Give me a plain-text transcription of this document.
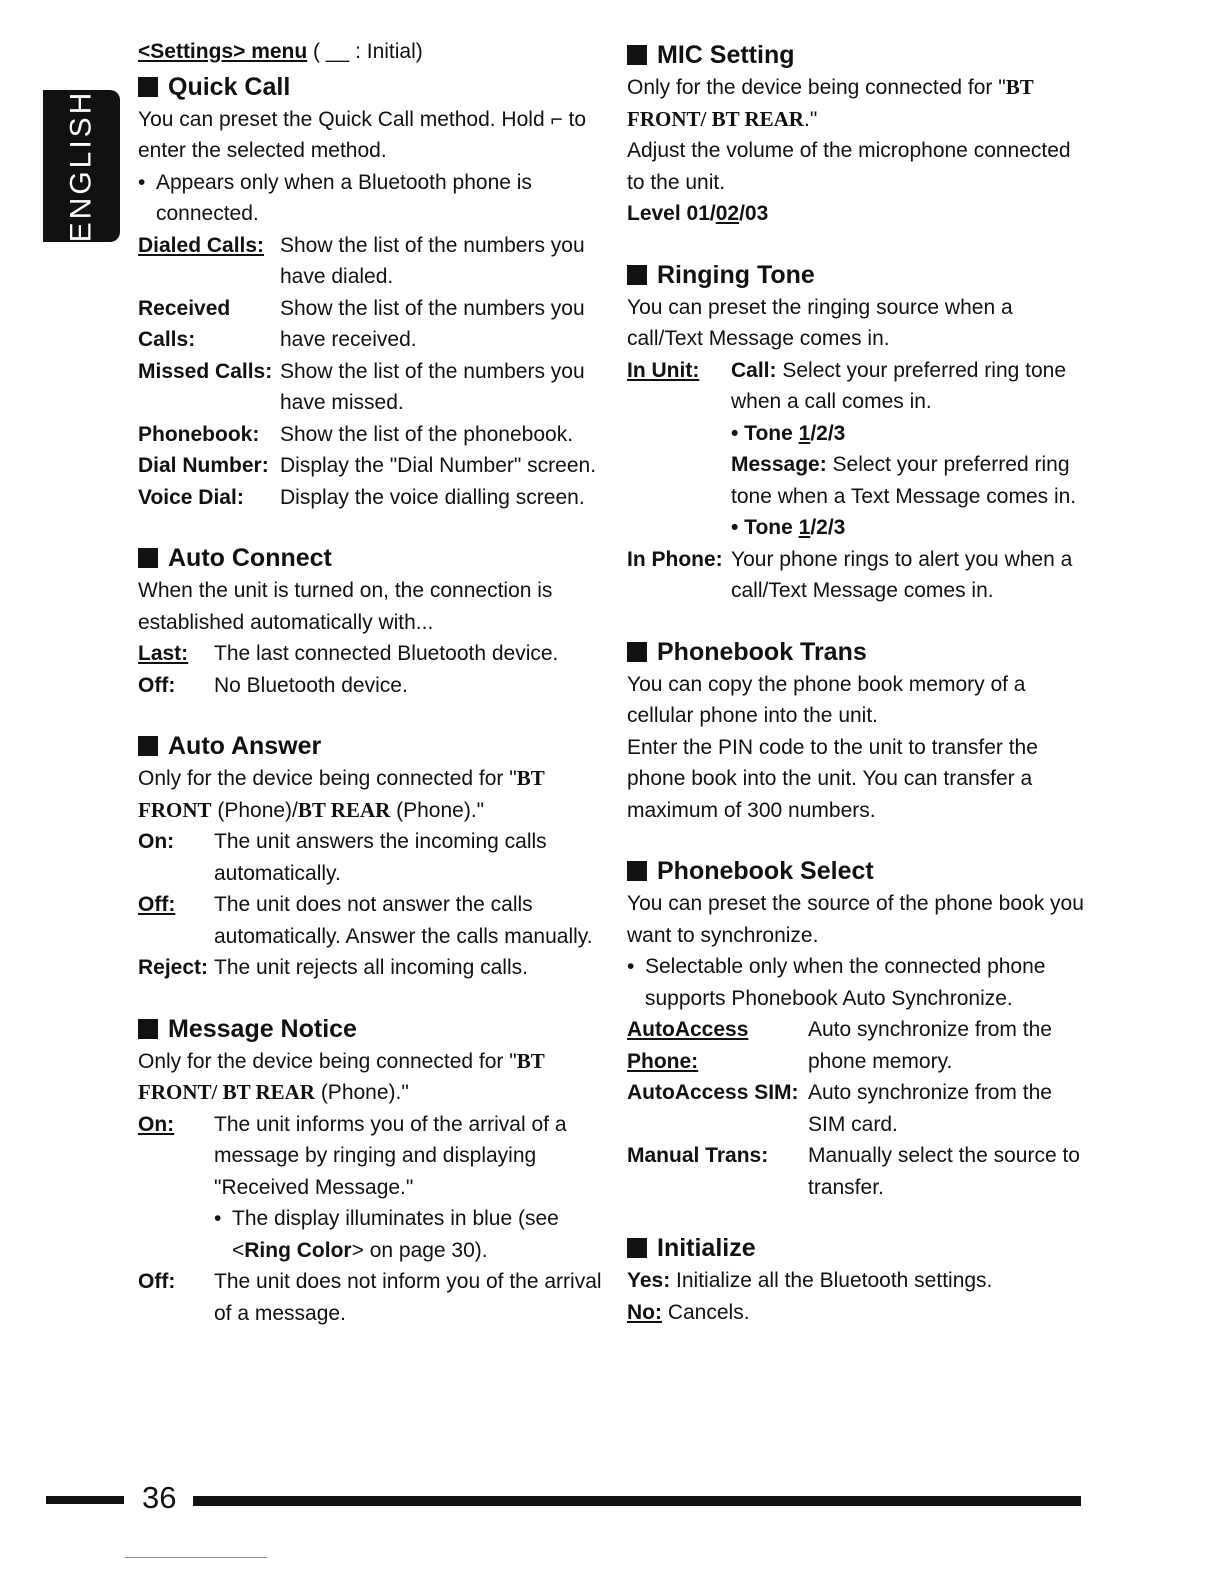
ENGLISH
<Settings> menu ( __ : Initial)
Quick Call

You can preset the Quick Call method. Hold ⌐ to enter the selected method.

• Appears only when a Bluetooth phone is connected.
Dialed Calls: Show the list of the numbers you have dialed.
Received Calls:
Show the list of the numbers you have received.
Missed Calls: Show the list of the numbers you have missed.
Phonebook: Show the list of the phonebook.
Dial Number: Display the "Dial Number" screen.
Voice Dial:	Display the voice dialling screen.
Auto Connect

When the unit is turned on, the connection is established automatically with...

Last:	The last connected Bluetooth device.
Off:	No Bluetooth device.
Auto Answer

Only for the device being connected for "BT FRONT (Phone)/BT REAR (Phone)."

On:	The unit answers the incoming calls automatically.
Off:	The unit does not answer the calls automatically. Answer the calls manually.
Reject: The unit rejects all incoming calls.
Message Notice

Only for the device being connected for "BT FRONT/ BT REAR (Phone)."

On:	The unit informs you of the arrival of a message by ringing and displaying "Received Message."
• The display illuminates in blue (see <Ring Color> on page 30).
Off:	The unit does not inform you of the arrival of a message.
MIC Setting

Only for the device being connected for "BT FRONT/ BT REAR."

Adjust the volume of the microphone connected to the unit.

Level 01/02/03

Ringing Tone

You can preset the ringing source when a call/Text Message comes in.

In Unit:	Call: Select your preferred ring tone when a call comes in.
• Tone 1/2/3
Message: Select your preferred ring tone when a Text Message comes in.
• Tone 1/2/3
In Phone: Your phone rings to alert you when a call/Text Message comes in.
Phonebook Trans

You can copy the phone book memory of a cellular phone into the unit.

Enter the PIN code to the unit to transfer the phone book into the unit. You can transfer a maximum of 300 numbers.

Phonebook Select

You can preset the source of the phone book you want to synchronize.

• Selectable only when the connected phone supports Phonebook Auto Synchronize.
AutoAccess Phone:
Auto synchronize from the phone memory.
AutoAccess SIM: Auto synchronize from the SIM card.
Manual Trans:	Manually select the source to transfer.
Initialize

Yes: Initialize all the Bluetooth settings.

No: Cancels.

36
